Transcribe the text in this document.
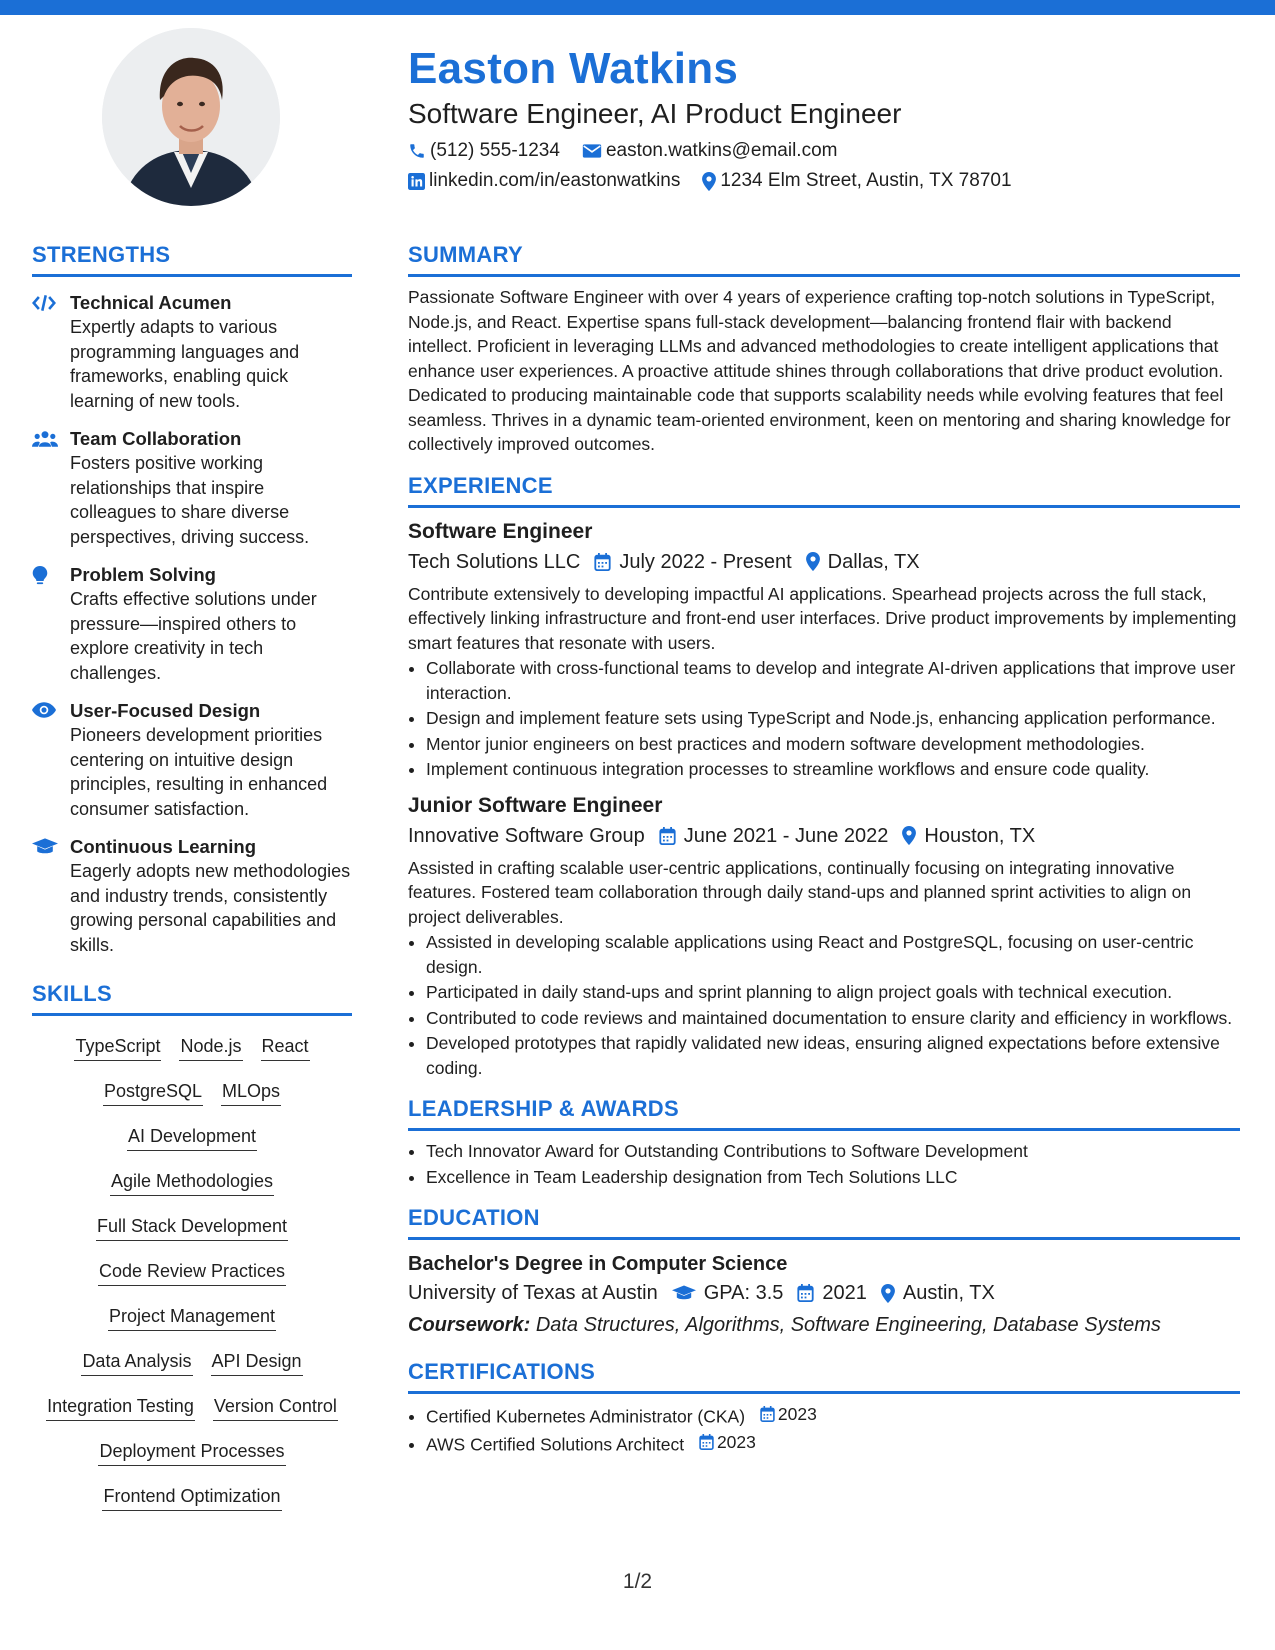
Easton Watkins
Software Engineer, AI Product Engineer
(512) 555-1234 easton.watkins@email.com
linkedin.com/in/eastonwatkins 1234 Elm Street, Austin, TX 78701
STRENGTHS
Technical Acumen
Expertly adapts to various programming languages and frameworks, enabling quick learning of new tools.
Team Collaboration
Fosters positive working relationships that inspire colleagues to share diverse perspectives, driving success.
Problem Solving
Crafts effective solutions under pressure—inspired others to explore creativity in tech challenges.
User-Focused Design
Pioneers development priorities centering on intuitive design principles, resulting in enhanced consumer satisfaction.
Continuous Learning
Eagerly adopts new methodologies and industry trends, consistently growing personal capabilities and skills.
SKILLS
TypeScript Node.js React
PostgreSQL MLOps
AI Development
Agile Methodologies
Full Stack Development
Code Review Practices
Project Management
Data Analysis API Design
Integration Testing Version Control
Deployment Processes
Frontend Optimization
SUMMARY
Passionate Software Engineer with over 4 years of experience crafting top-notch solutions in TypeScript, Node.js, and React. Expertise spans full-stack development—balancing frontend flair with backend intellect. Proficient in leveraging LLMs and advanced methodologies to create intelligent applications that enhance user experiences. A proactive attitude shines through collaborations that drive product evolution. Dedicated to producing maintainable code that supports scalability needs while evolving features that feel seamless. Thrives in a dynamic team-oriented environment, keen on mentoring and sharing knowledge for collectively improved outcomes.
EXPERIENCE
Software Engineer
Tech Solutions LLC July 2022 - Present Dallas, TX
Contribute extensively to developing impactful AI applications. Spearhead projects across the full stack, effectively linking infrastructure and front-end user interfaces. Drive product improvements by implementing smart features that resonate with users.
• Collaborate with cross-functional teams to develop and integrate AI-driven applications that improve user interaction.
• Design and implement feature sets using TypeScript and Node.js, enhancing application performance.
• Mentor junior engineers on best practices and modern software development methodologies.
• Implement continuous integration processes to streamline workflows and ensure code quality.
Junior Software Engineer
Innovative Software Group June 2021 - June 2022 Houston, TX
Assisted in crafting scalable user-centric applications, continually focusing on integrating innovative features. Fostered team collaboration through daily stand-ups and planned sprint activities to align on project deliverables.
• Assisted in developing scalable applications using React and PostgreSQL, focusing on user-centric design.
• Participated in daily stand-ups and sprint planning to align project goals with technical execution.
• Contributed to code reviews and maintained documentation to ensure clarity and efficiency in workflows.
• Developed prototypes that rapidly validated new ideas, ensuring aligned expectations before extensive coding.
LEADERSHIP & AWARDS
• Tech Innovator Award for Outstanding Contributions to Software Development
• Excellence in Team Leadership designation from Tech Solutions LLC
EDUCATION
Bachelor's Degree in Computer Science
University of Texas at Austin GPA: 3.5 2021 Austin, TX
Coursework: Data Structures, Algorithms, Software Engineering, Database Systems
CERTIFICATIONS
• Certified Kubernetes Administrator (CKA) 2023
• AWS Certified Solutions Architect 2023
1/2
